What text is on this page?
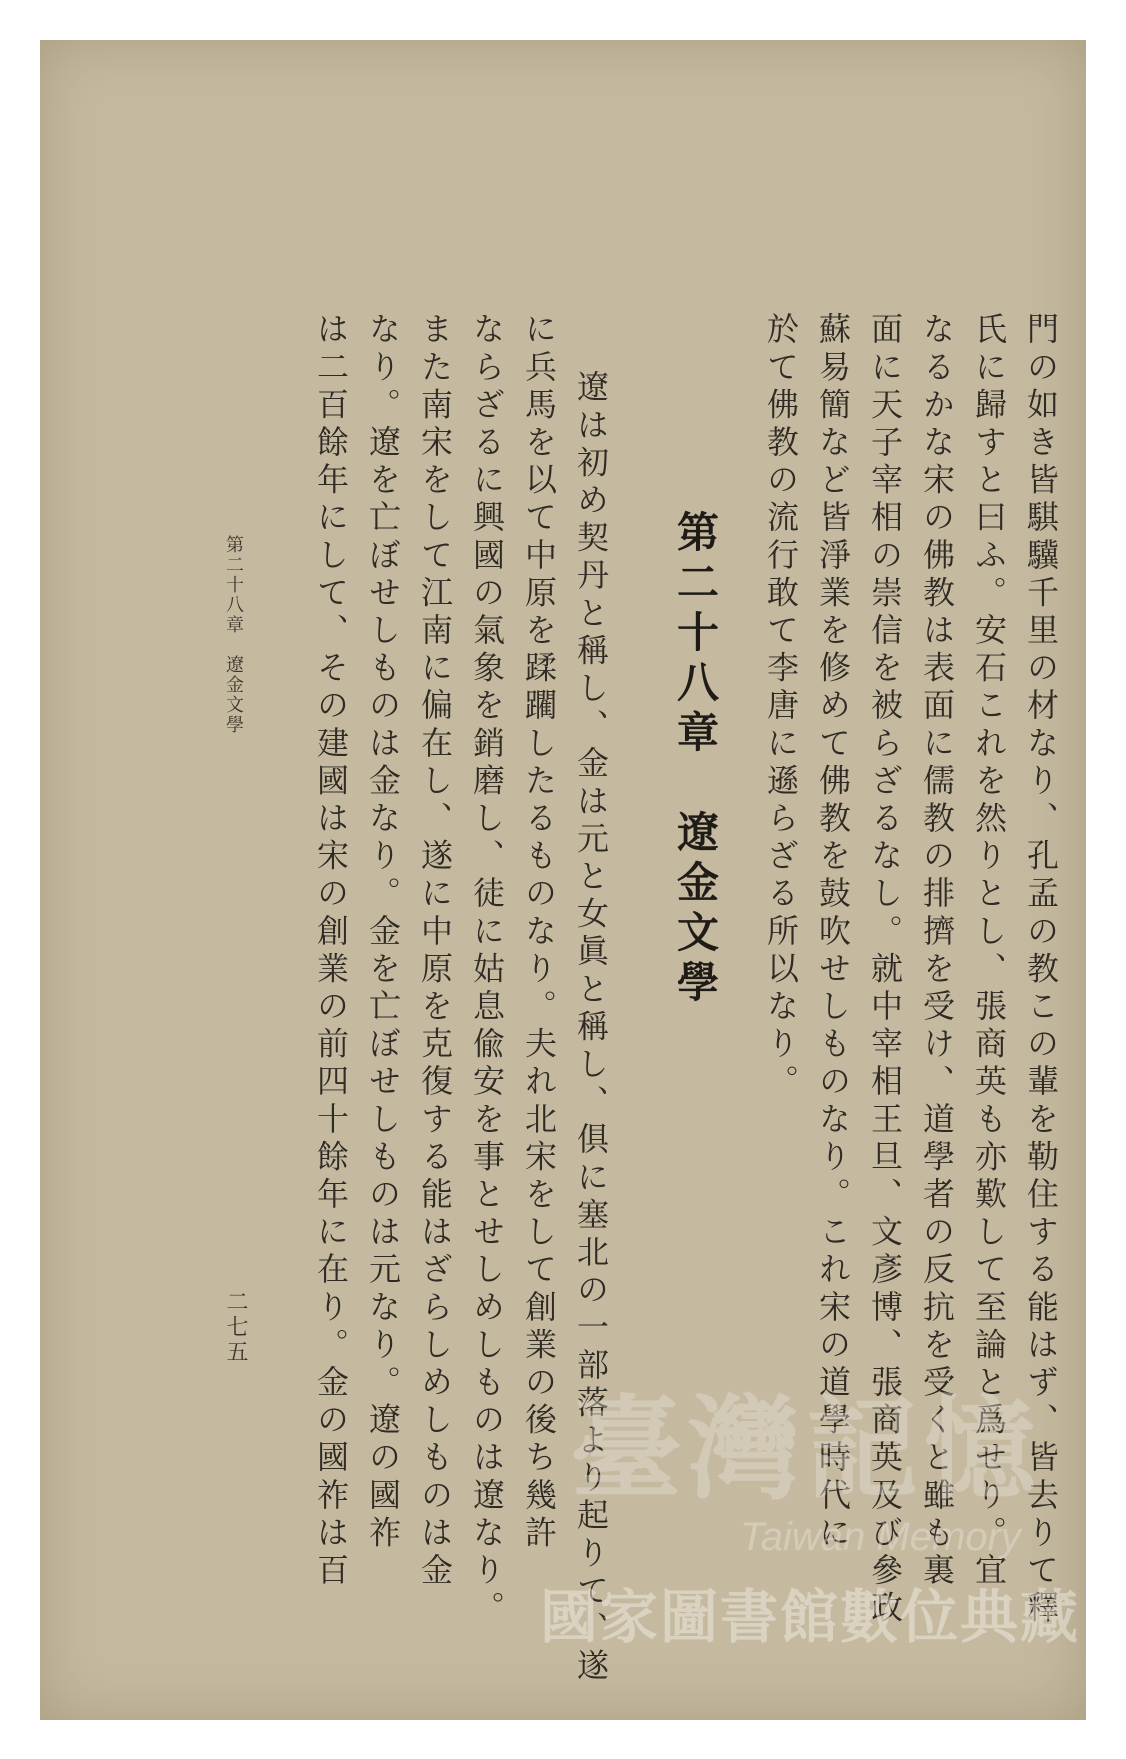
門の如き皆騏驥千里の材なり、孔孟の教この輩を勒住する能はず、皆去りて釋
氏に歸すと曰ふ。安石これを然りとし、張商英も亦歎して至論と爲せり。宜
なるかな宋の佛教は表面に儒教の排擠を受け、道學者の反抗を受くと雖も裏
面に天子宰相の崇信を被らざるなし。就中宰相王旦、文彥博、張商英及び參政
蘇易簡など皆淨業を修めて佛教を鼓吹せしものなり。これ宋の道學時代に
於て佛教の流行敢て李唐に遜らざる所以なり。
第二十八章　遼金文學
遼は初め契丹と稱し、金は元と女眞と稱し、俱に塞北の一部落より起りて、遂
に兵馬を以て中原を蹂躙したるものなり。夫れ北宋をして創業の後ち幾許
ならざるに興國の氣象を銷磨し、徒に姑息偸安を事とせしめしものは遼なり。
また南宋をして江南に偏在し、遂に中原を克復する能はざらしめしものは金
なり。遼を亡ぼせしものは金なり。金を亡ぼせしものは元なり。遼の國祚
は二百餘年にして、その建國は宋の創業の前四十餘年に在り。金の國祚は百
第二十八章　遼金文學
二七五
臺灣記憶
Taiwan Memory
國家圖書館數位典藏
